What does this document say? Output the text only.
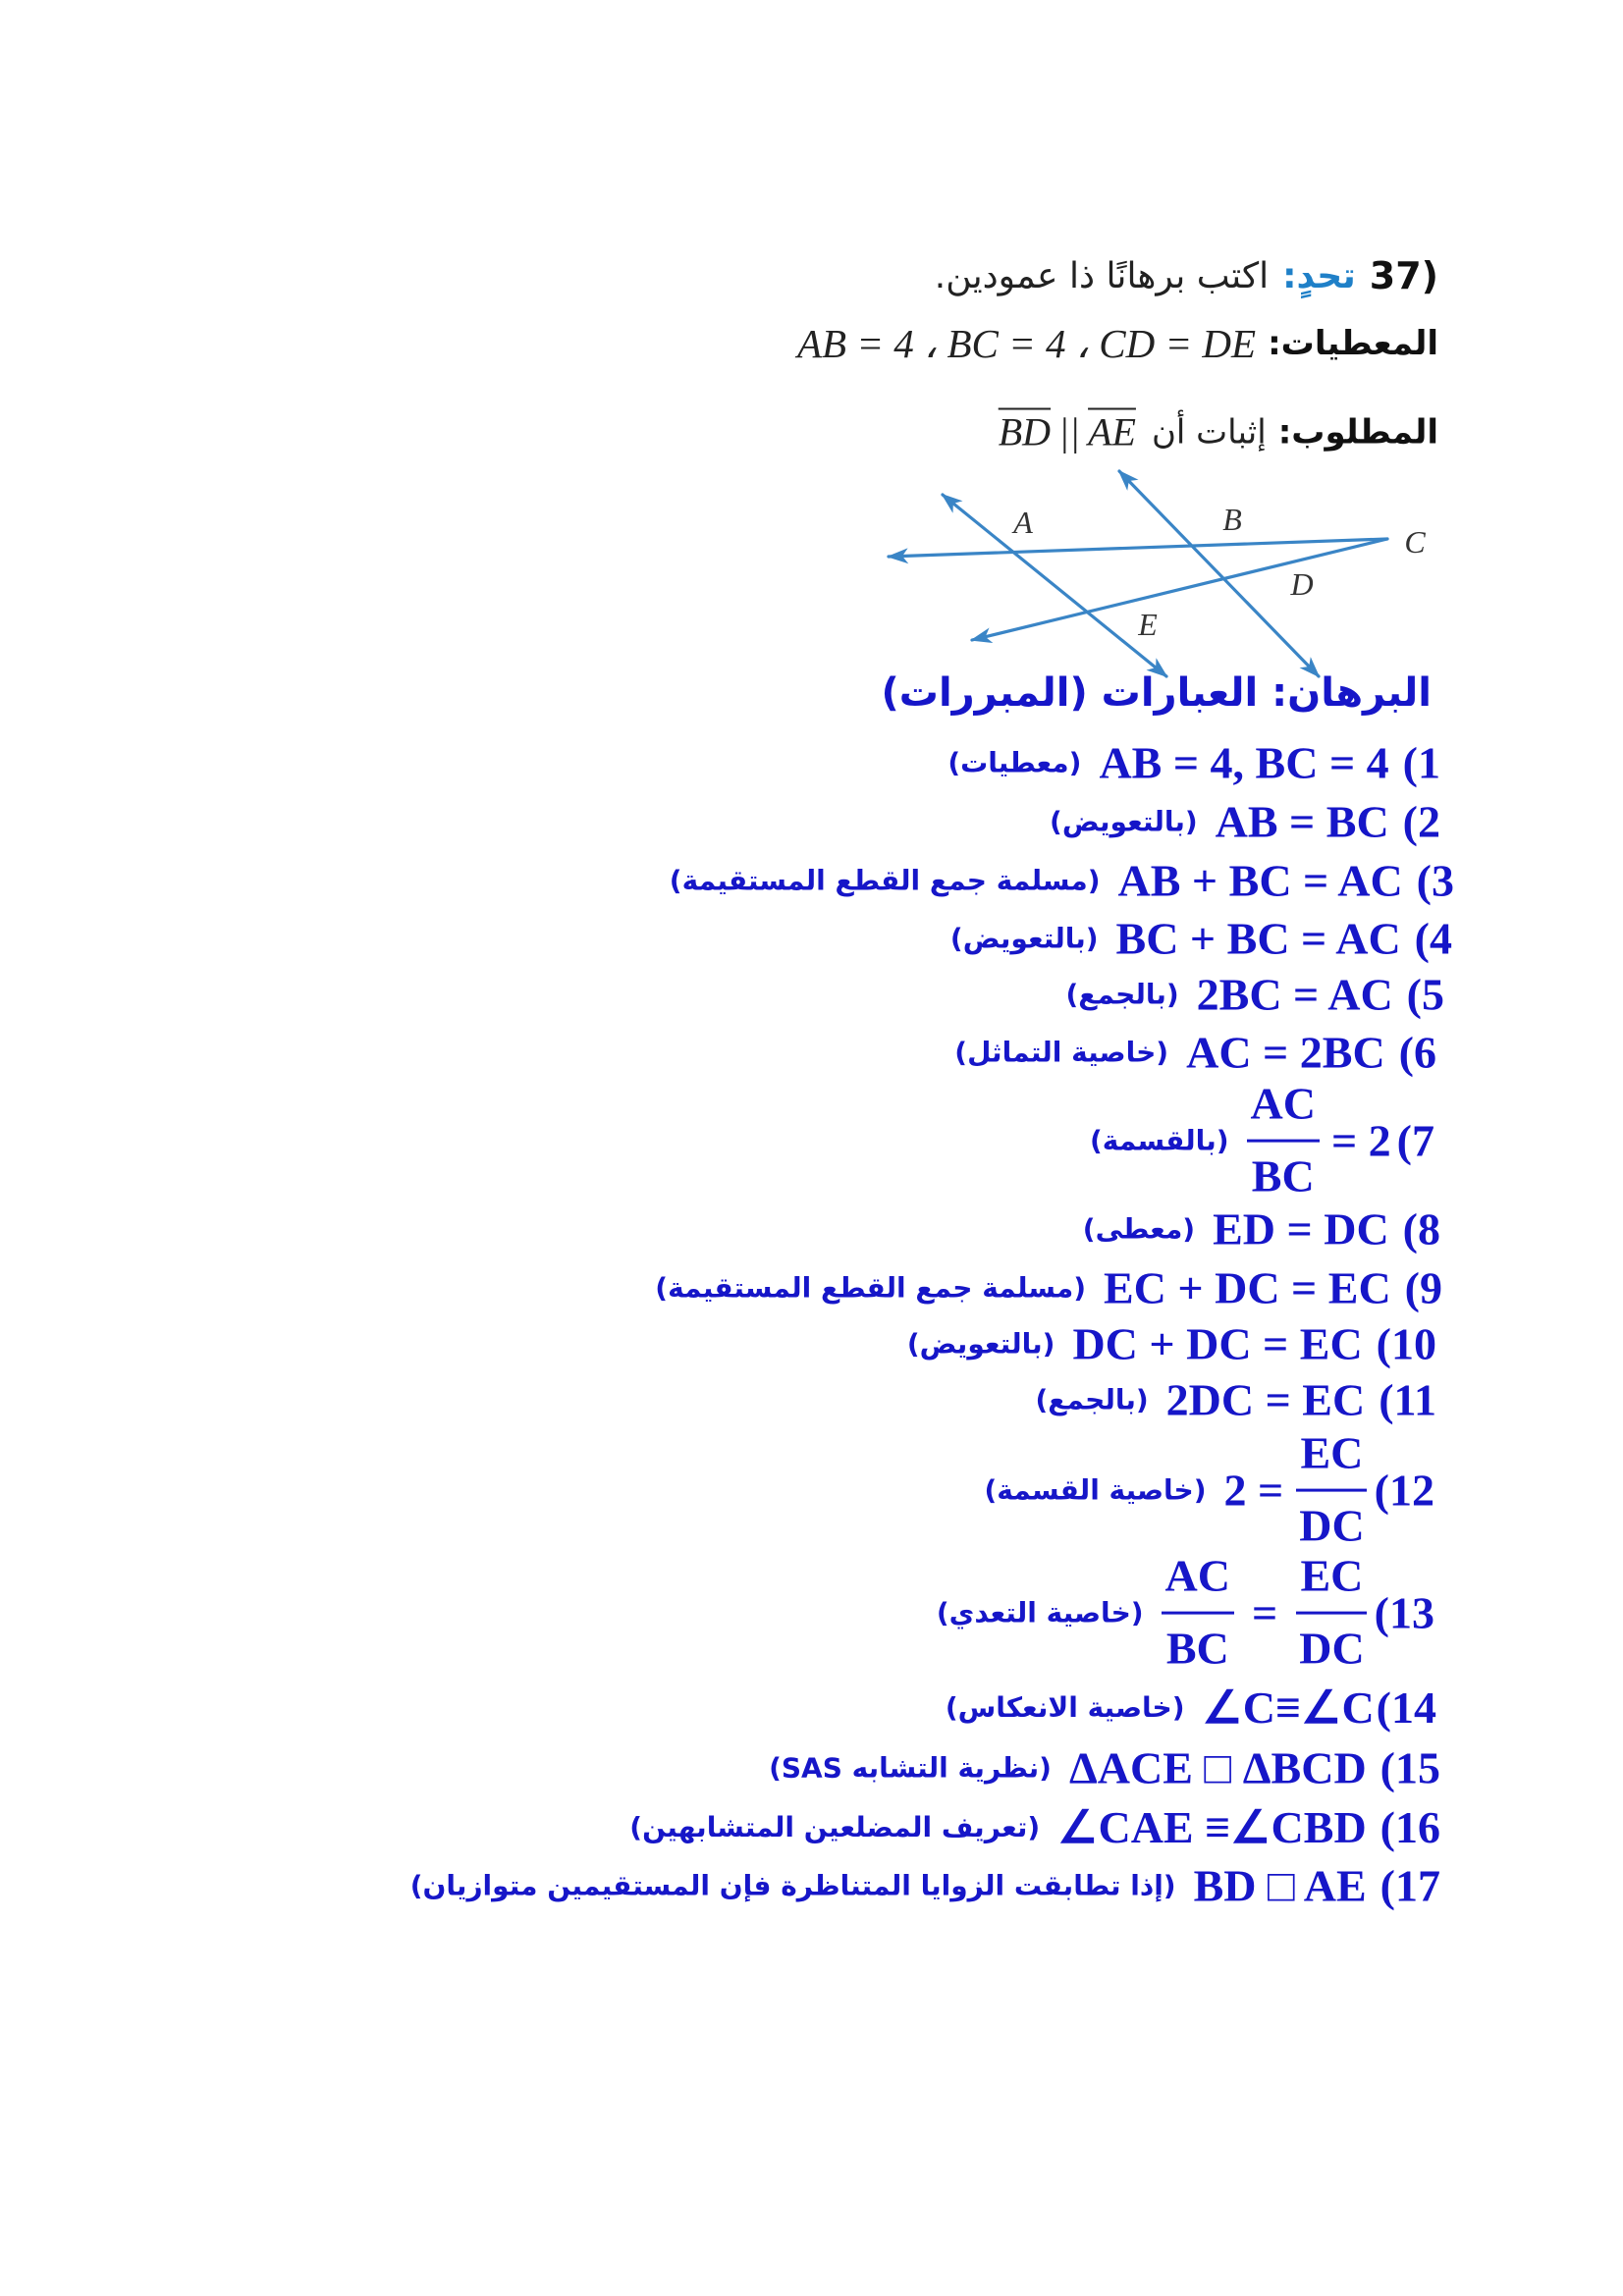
37)
تحدٍ:
اكتب برهانًا ذا عمودين.
المعطيات:
AB = 4 ، BC = 4 ، CD = DE
المطلوب:
إثبات أن
$\overline{BD}$ || $\overline{AE}$
A	B
C
D
E
البرهان: العبارات (المبررات)
(1
AB = 4, BC = 4
(معطيات)
(2
AB = BC
(بالتعويض)
(3
AB + BC = AC
(مسلمة جمع القطع المستقيمة)
(4
BC + BC = AC
(بالتعويض)
(5
2BC = AC
(بالجمع)
(6
AC = 2BC
(خاصية التماثل)
(7
$\frac{AC}{BC} = 2$
(بالقسمة)
(8
ED = DC
(معطى)
(9
EC + DC = EC
(مسلمة جمع القطع المستقيمة)
(10
DC + DC = EC
(بالتعويض)
(11
2DC = EC
(بالجمع)
(12
$2 = \frac{EC}{DC}$
(خاصية القسمة)
(13
$\frac{AC}{BC} = \frac{EC}{DC}$
(خاصية التعدي)
(14
∠C≡∠C
(خاصية الانعكاس)
(15
ΔACE □ ΔBCD
(نظرية التشابه SAS)
(16
∠CAE ≡∠CBD
(تعريف المضلعين المتشابهين)
(17
BD □ AE
(إذا تطابقت الزوايا المتناظرة فإن المستقيمين متوازيان)
